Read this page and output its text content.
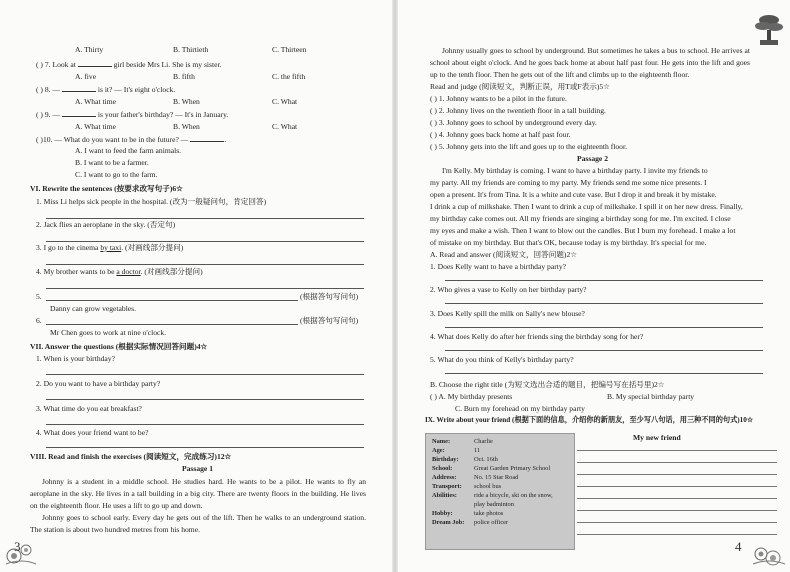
A. Thirty	B. Thirtieth	C. Thirteen
( ) 7. Look at	girl beside Mrs Li. She is my sister.
A. five	B. fifth	C. the fifth
( ) 8. —	is it? — It's eight o'clock.
A. What time	B. When	C. What
( ) 9. —	is your father's birthday? — It's in January.
A. What time	B. When	C. What
( )10. — What do you want to be in the future? —	.
A. I want to feed the farm animals.
B. I want to be a farmer.
C. I want to go to the farm.
VI. Rewrite the sentences (按要求改写句子)6☆
1. Miss Li helps sick people in the hospital. (改为一般疑问句，肯定回答)
2. Jack flies an aeroplane in the sky. (否定句)
3. I go to the cinema by taxi. (对画线部分提问)
4. My brother wants to be a doctor. (对画线部分提问)
5.	(根据答句写问句)
Danny can grow vegetables.
6.	(根据答句写问句)
Mr Chen goes to work at nine o'clock.
VII. Answer the questions (根据实际情况回答问题)4☆
1. When is your birthday?
2. Do you want to have a birthday party?
3. What time do you eat breakfast?
4. What does your friend want to be?
VIII. Read and finish the exercises (阅读短文，完成练习)12☆
Passage 1
Johnny is a student in a middle school. He studies hard. He wants to be a pilot. He wants to fly an aeroplane in the sky. He lives in a tall building in a big city. There are twenty floors in the building. He lives on the eighteenth floor. He uses a lift to go up and down.
Johnny goes to school early. Every day he gets out of the lift. Then he walks to an underground station. The station is about two hundred metres from his home.
3
Johnny usually goes to school by underground. But sometimes he takes a bus to school. He arrives at school about eight o'clock. And he goes back home at about half past four. He gets into the lift and goes up to the tenth floor. Then he gets out of the lift and climbs up to the eighteenth floor.
Read and judge (阅读短文，判断正误，用T或F表示)5☆
( ) 1. Johnny wants to be a pilot in the future.
( ) 2. Johnny lives on the twentieth floor in a tall building.
( ) 3. Johnny goes to school by underground every day.
( ) 4. Johnny goes back home at half past four.
( ) 5. Johnny gets into the lift and goes up to the eighteenth floor.
Passage 2
I'm Kelly. My birthday is coming. I want to have a birthday party. I invite my friends to
my party. All my friends are coming to my party. My friends send me some nice presents. I
open a present. It's from Tina. It is a white and cute vase. But I drop it and break it by mistake.
I drink a cup of milkshake. Then I want to drink a cup of milkshake. I spill it on her new dress. Finally,
my birthday cake comes out. All my friends are singing a birthday song for me. I'm excited. I close
my eyes and make a wish. Then I want to blow out the candles. But I burn my forehead. I make a lot
of mistake on my birthday. But that's OK, because today is my birthday. It's special for me.
A. Read and answer (阅读短文，回答问题)2☆
1. Does Kelly want to have a birthday party?
2. Who gives a vase to Kelly on her birthday party?
3. Does Kelly spill the milk on Sally's new blouse?
4. What does Kelly do after her friends sing the birthday song for her?
5. What do you think of Kelly's birthday party?
B. Choose the right title (为短文选出合适的题目，把编号写在括号里)2☆
( ) A. My birthday presents	B. My special birthday party
C. Burn my forehead on my birthday party
IX. Write about your friend (根据下面的信息，介绍你的新朋友，至少写八句话，用三种不同的句式)10☆
My new friend
Name:	Charlie
Age:	11
Birthday: Oct. 16th
School:	Great Garden Primary School
Address:	No. 15 Star Road
Transport: school bus
Abilities:	ride a bicycle, ski on the snow,
play badminton
Hobby:	take photos
Dream Job: police officer
4
